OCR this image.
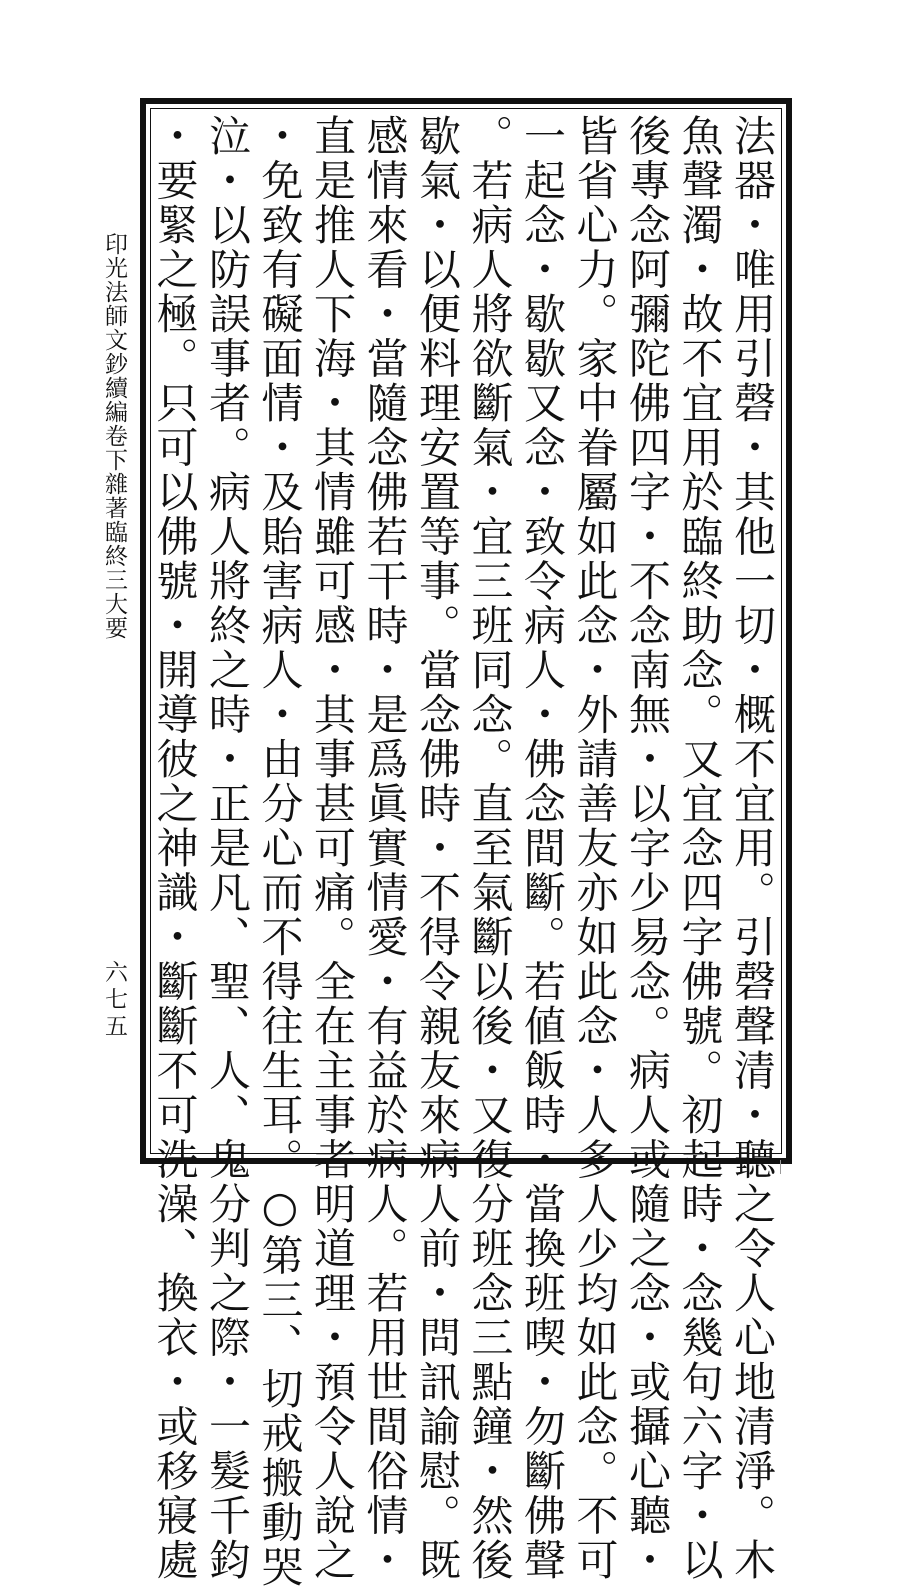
印光法師文鈔續編卷下雜著臨終三大要
六七五	法器・唯用引磬・其他一切・概不宜用。引磬聲清・聽之令人心地清淨。木
魚聲濁・故不宜用於臨終助念。又宜念四字佛號。初起時・念幾句六字・以
後專念阿彌陀佛四字・不念南無・以字少易念。病人或隨之念・或攝心聽・
皆省心力。家中眷屬如此念・外請善友亦如此念・人多人少均如此念。不可
一起念・歇歇又念・致令病人・佛念間斷。若値飯時・當換班喫・勿斷佛聲
。若病人將欲斷氣・宜三班同念。直至氣斷以後・又復分班念三點鐘・然後
歇氣・以便料理安置等事。當念佛時・不得令親友來病人前・問訊諭慰。既
感情來看・當隨念佛若干時・是爲眞實情愛・有益於病人。若用世間俗情・
直是推人下海・其情雖可感・其事甚可痛。全在主事者明道理・預令人說之
・免致有礙面情・及貽害病人・由分心而不得往生耳。○第三、切戒搬動哭
泣・以防誤事者。病人將終之時・正是凡、聖、人、鬼分判之際・一髮千鈞
・要緊之極。只可以佛號・開導彼之神識・斷斷不可洗澡、換衣・或移寢處
